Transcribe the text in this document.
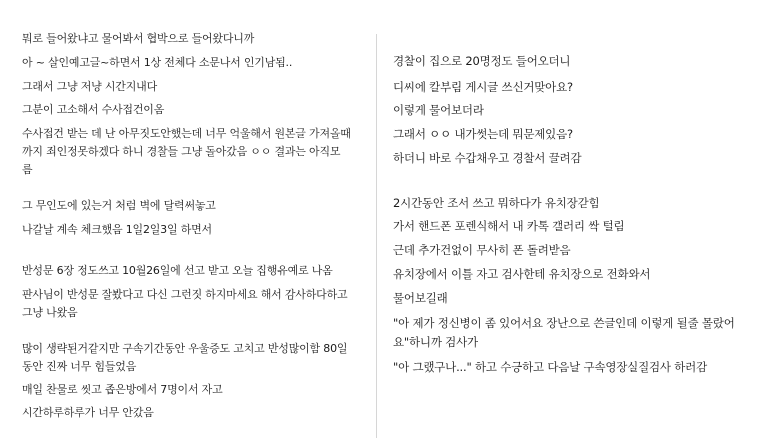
뭐로 들어왔냐고 물어봐서 협박으로 들어왔다니까
아 ~ 살인예고글~하면서 1상 전체다 소문나서 인기남됨..
그래서 그냥 저냥 시간지내다
그분이 고소해서 수사접건이옴
수사접건 받는 데 난 아무짓도안했는데 너무 억울해서 원본글 가져올때
까지 죄인정못하겠다 하니 경찰들 그냥 돌아갔음 ㅇㅇ 결과는 아직모
름
그 무인도에 있는거 처럼 벽에 달력써놓고
나갈날 계속 체크했음 1일2일3일 하면서
반성문 6장 정도쓰고 10월26일에 선고 받고 오늘 집행유예로 나옴
판사님이 반성문 잘봤다고 다신 그런짓 하지마세요 해서 감사하다하고
그냥 나왔음
많이 생략된거같지만 구속기간동안 우울증도 고치고 반성많이함 80일
동안 진짜 너무 힘들었음
매일 찬물로 씻고 좁은방에서 7명이서 자고
시간하루하루가 너무 안갔음
경찰이 집으로 20명정도 들어오더니
디씨에 칼부림 게시글 쓰신거맞아요?
이렇게 물어보더라
그래서 ㅇㅇ 내가썻는데 뭐문제있음?
하더니 바로 수갑채우고 경찰서 끌려감
2시간동안 조서 쓰고 뭐하다가 유치장갇힘
가서 핸드폰 포렌식해서 내 카톡 갤러리 싹 털림
근데 추가건없이 무사히 폰 돌려받음
유치장에서 이틀 자고 검사한테 유치장으로 전화와서
물어보길래
"아 제가 정신병이 좀 있어서요 장난으로 쓴글인데 이렇게 될줄 몰랐어
요"하니까 검사가
"아 그랬구나..." 하고 수긍하고 다음날 구속영장실질검사 하러감
